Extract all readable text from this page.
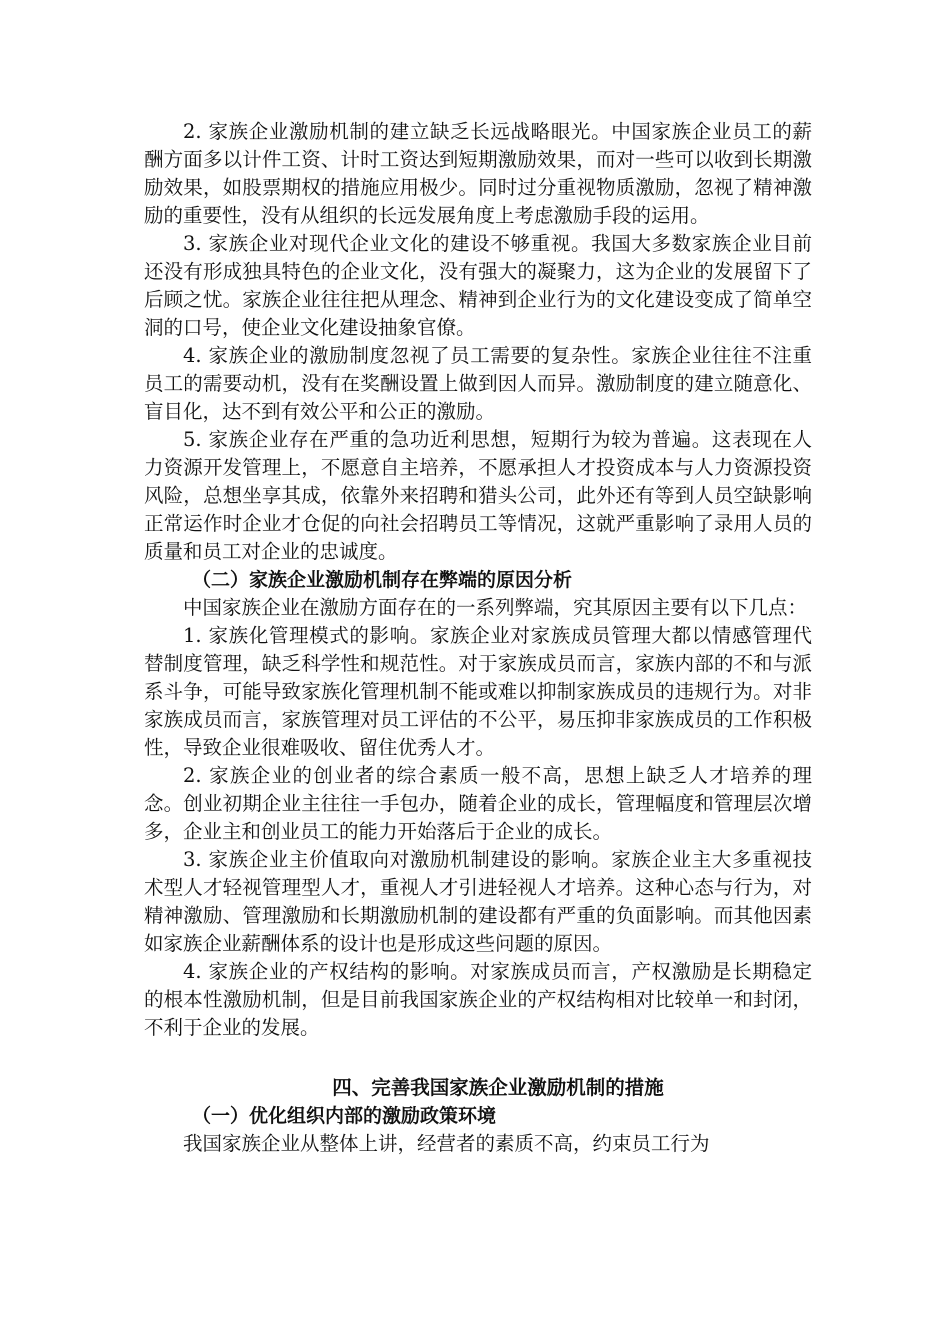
2. 家族企业激励机制的建立缺乏长远战略眼光。中国家族企业员工的薪酬方面多以计件工资、计时工资达到短期激励效果，而对一些可以收到长期激励效果，如股票期权的措施应用极少。同时过分重视物质激励，忽视了精神激励的重要性，没有从组织的长远发展角度上考虑激励手段的运用。

3. 家族企业对现代企业文化的建设不够重视。我国大多数家族企业目前还没有形成独具特色的企业文化，没有强大的凝聚力，这为企业的发展留下了后顾之忧。家族企业往往把从理念、精神到企业行为的文化建设变成了简单空洞的口号，使企业文化建设抽象官僚。

4. 家族企业的激励制度忽视了员工需要的复杂性。家族企业往往不注重员工的需要动机，没有在奖酬设置上做到因人而异。激励制度的建立随意化、盲目化，达不到有效公平和公正的激励。

5. 家族企业存在严重的急功近利思想，短期行为较为普遍。这表现在人力资源开发管理上，不愿意自主培养，不愿承担人才投资成本与人力资源投资风险，总想坐享其成，依靠外来招聘和猎头公司，此外还有等到人员空缺影响正常运作时企业才仓促的向社会招聘员工等情况，这就严重影响了录用人员的质量和员工对企业的忠诚度。

（二）家族企业激励机制存在弊端的原因分析

中国家族企业在激励方面存在的一系列弊端，究其原因主要有以下几点：

1. 家族化管理模式的影响。家族企业对家族成员管理大都以情感管理代替制度管理，缺乏科学性和规范性。对于家族成员而言，家族内部的不和与派系斗争，可能导致家族化管理机制不能或难以抑制家族成员的违规行为。对非家族成员而言，家族管理对员工评估的不公平，易压抑非家族成员的工作积极性，导致企业很难吸收、留住优秀人才。

2. 家族企业的创业者的综合素质一般不高，思想上缺乏人才培养的理念。创业初期企业主往往一手包办，随着企业的成长，管理幅度和管理层次增多，企业主和创业员工的能力开始落后于企业的成长。

3. 家族企业主价值取向对激励机制建设的影响。家族企业主大多重视技术型人才轻视管理型人才，重视人才引进轻视人才培养。这种心态与行为，对精神激励、管理激励和长期激励机制的建设都有严重的负面影响。而其他因素如家族企业薪酬体系的设计也是形成这些问题的原因。

4. 家族企业的产权结构的影响。对家族成员而言，产权激励是长期稳定的根本性激励机制，但是目前我国家族企业的产权结构相对比较单一和封闭，不利于企业的发展。

四、完善我国家族企业激励机制的措施

（一）优化组织内部的激励政策环境

我国家族企业从整体上讲，经营者的素质不高，约束员工行为
